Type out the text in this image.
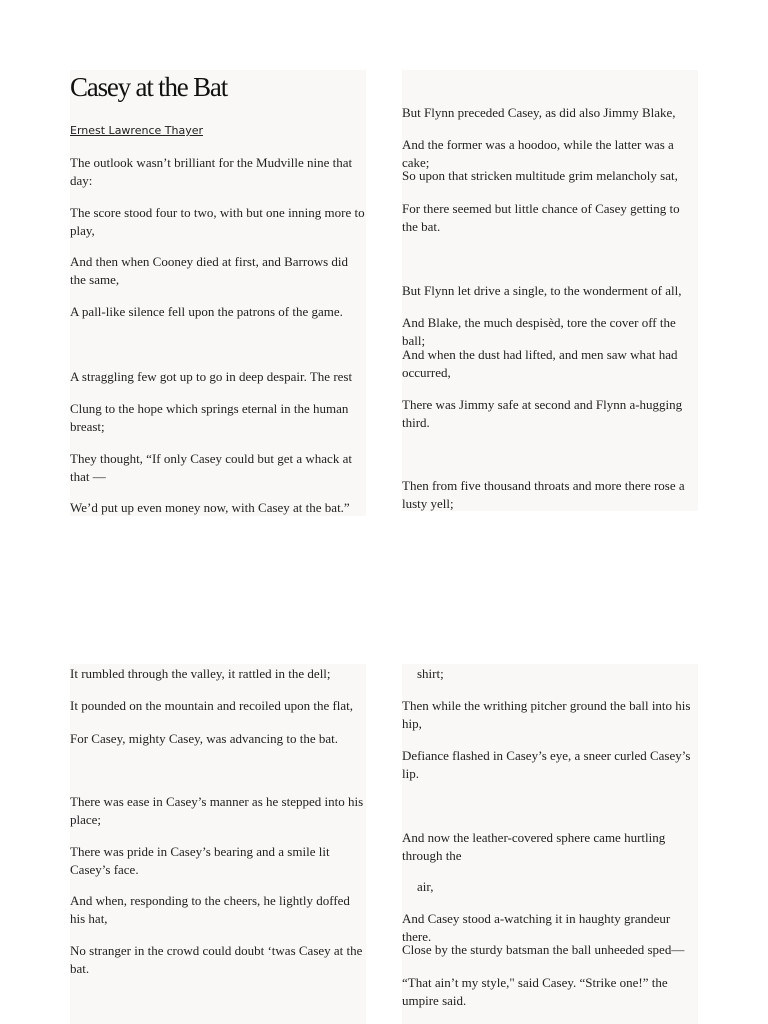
Casey at the Bat
Ernest Lawrence Thayer

The outlook wasn’t brilliant for the Mudville nine that day:

The score stood four to two, with but one inning more to play,

And then when Cooney died at first, and Barrows did the same,

A pall-like silence fell upon the patrons of the game.

A straggling few got up to go in deep despair. The rest

Clung to the hope which springs eternal in the human breast;

They thought, “If only Casey could but get a whack at that —

We’d put up even money now, with Casey at the bat.”

But Flynn preceded Casey, as did also Jimmy Blake,

And the former was a hoodoo, while the latter was a cake;

So upon that stricken multitude grim melancholy sat,

For there seemed but little chance of Casey getting to the bat.

But Flynn let drive a single, to the wonderment of all,

And Blake, the much despisèd, tore the cover off the ball;

And when the dust had lifted, and men saw what had occurred,

There was Jimmy safe at second and Flynn a-hugging third.

Then from five thousand throats and more there rose a lusty yell;

It rumbled through the valley, it rattled in the dell;

It pounded on the mountain and recoiled upon the flat,

For Casey, mighty Casey, was advancing to the bat.

There was ease in Casey’s manner as he stepped into his place;

There was pride in Casey’s bearing and a smile lit Casey’s face.

And when, responding to the cheers, he lightly doffed his hat,

No stranger in the crowd could doubt ‘twas Casey at the bat.

shirt;

Then while the writhing pitcher ground the ball into his hip,

Defiance flashed in Casey’s eye, a sneer curled Casey’s lip.

And now the leather-covered sphere came hurtling through the

air,

And Casey stood a-watching it in haughty grandeur there.

Close by the sturdy batsman the ball unheeded sped—

“That ain’t my style," said Casey. “Strike one!” the umpire said.
